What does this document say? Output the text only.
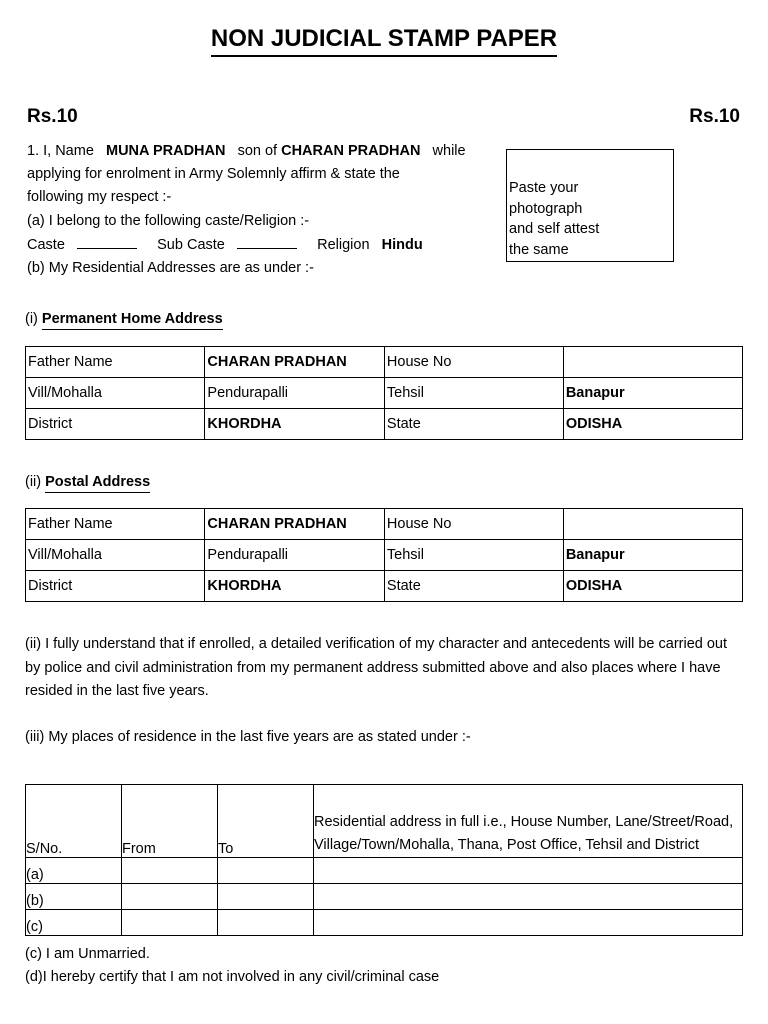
NON JUDICIAL STAMP PAPER
Rs.10	Rs.10
1. I, Name MUNA PRADHAN son of CHARAN PRADHAN while
applying for enrolment in Army Solemnly affirm & state the
following my respect :-
(a) I belong to the following caste/Religion :-
Caste	Sub Caste	Religion Hindu
(b) My Residential Addresses are as under :-
Paste your
photograph
and self attest
the same
(i) Permanent Home Address
Father Name	CHARAN PRADHAN	House No	
Vill/Mohalla	Pendurapalli	Tehsil	Banapur
District	KHORDHA	State	ODISHA
(ii) Postal Address
Father Name	CHARAN PRADHAN	House No	
Vill/Mohalla	Pendurapalli	Tehsil	Banapur
District	KHORDHA	State	ODISHA
(ii) I fully understand that if enrolled, a detailed verification of my character and antecedents will be carried out by police and civil administration from my permanent address submitted above and also places where I have resided in the last five years.
(iii) My places of residence in the last five years are as stated under :-
S/No.	From	To	Residential address in full i.e., House Number, Lane/Street/Road, Village/Town/Mohalla, Thana, Post Office, Tehsil and District
(a)			
(b)			
(c)			
(c) I am Unmarried.
(d)I hereby certify that I am not involved in any civil/criminal case
